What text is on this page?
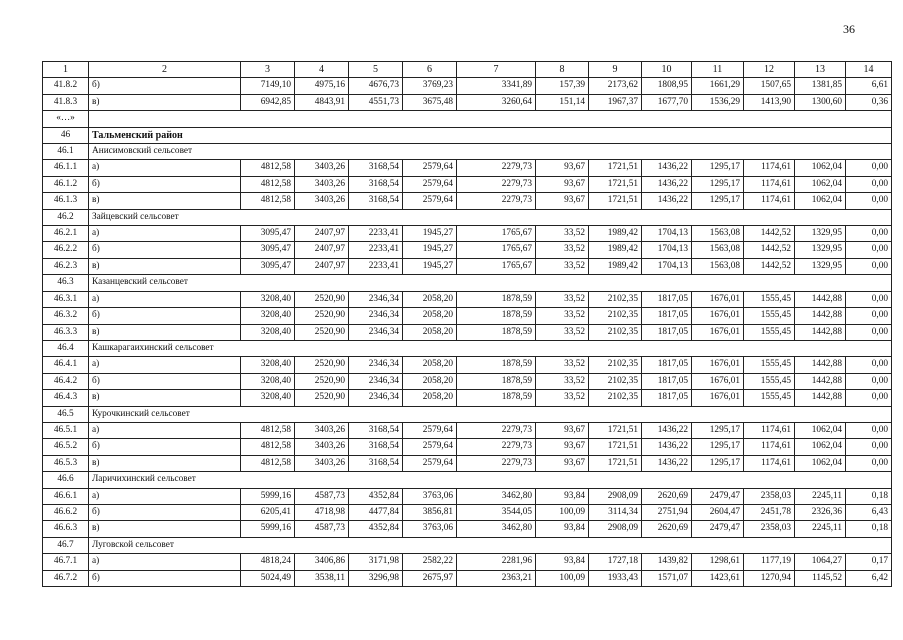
36
1	2	3	4	5	6	7	8	9	10	11	12	13	14
41.8.2	б)	7149,10	4975,16	4676,73	3769,23	3341,89	157,39	2173,62	1808,95	1661,29	1507,65	1381,85	6,61
41.8.3	в)	6942,85	4843,91	4551,73	3675,48	3260,64	151,14	1967,37	1677,70	1536,29	1413,90	1300,60	0,36
«…»													
46	Тальменский район												
46.1	Анисимовский сельсовет												
46.1.1	а)	4812,58	3403,26	3168,54	2579,64	2279,73	93,67	1721,51	1436,22	1295,17	1174,61	1062,04	0,00
46.1.2	б)	4812,58	3403,26	3168,54	2579,64	2279,73	93,67	1721,51	1436,22	1295,17	1174,61	1062,04	0,00
46.1.3	в)	4812,58	3403,26	3168,54	2579,64	2279,73	93,67	1721,51	1436,22	1295,17	1174,61	1062,04	0,00
46.2	Зайцевский сельсовет												
46.2.1	а)	3095,47	2407,97	2233,41	1945,27	1765,67	33,52	1989,42	1704,13	1563,08	1442,52	1329,95	0,00
46.2.2	б)	3095,47	2407,97	2233,41	1945,27	1765,67	33,52	1989,42	1704,13	1563,08	1442,52	1329,95	0,00
46.2.3	в)	3095,47	2407,97	2233,41	1945,27	1765,67	33,52	1989,42	1704,13	1563,08	1442,52	1329,95	0,00
46.3	Казанцевский сельсовет												
46.3.1	а)	3208,40	2520,90	2346,34	2058,20	1878,59	33,52	2102,35	1817,05	1676,01	1555,45	1442,88	0,00
46.3.2	б)	3208,40	2520,90	2346,34	2058,20	1878,59	33,52	2102,35	1817,05	1676,01	1555,45	1442,88	0,00
46.3.3	в)	3208,40	2520,90	2346,34	2058,20	1878,59	33,52	2102,35	1817,05	1676,01	1555,45	1442,88	0,00
46.4	Кашкарагаихинский сельсовет												
46.4.1	а)	3208,40	2520,90	2346,34	2058,20	1878,59	33,52	2102,35	1817,05	1676,01	1555,45	1442,88	0,00
46.4.2	б)	3208,40	2520,90	2346,34	2058,20	1878,59	33,52	2102,35	1817,05	1676,01	1555,45	1442,88	0,00
46.4.3	в)	3208,40	2520,90	2346,34	2058,20	1878,59	33,52	2102,35	1817,05	1676,01	1555,45	1442,88	0,00
46.5	Курочкинский сельсовет												
46.5.1	а)	4812,58	3403,26	3168,54	2579,64	2279,73	93,67	1721,51	1436,22	1295,17	1174,61	1062,04	0,00
46.5.2	б)	4812,58	3403,26	3168,54	2579,64	2279,73	93,67	1721,51	1436,22	1295,17	1174,61	1062,04	0,00
46.5.3	в)	4812,58	3403,26	3168,54	2579,64	2279,73	93,67	1721,51	1436,22	1295,17	1174,61	1062,04	0,00
46.6	Ларичихинский сельсовет												
46.6.1	а)	5999,16	4587,73	4352,84	3763,06	3462,80	93,84	2908,09	2620,69	2479,47	2358,03	2245,11	0,18
46.6.2	б)	6205,41	4718,98	4477,84	3856,81	3544,05	100,09	3114,34	2751,94	2604,47	2451,78	2326,36	6,43
46.6.3	в)	5999,16	4587,73	4352,84	3763,06	3462,80	93,84	2908,09	2620,69	2479,47	2358,03	2245,11	0,18
46.7	Луговской сельсовет												
46.7.1	а)	4818,24	3406,86	3171,98	2582,22	2281,96	93,84	1727,18	1439,82	1298,61	1177,19	1064,27	0,17
46.7.2	б)	5024,49	3538,11	3296,98	2675,97	2363,21	100,09	1933,43	1571,07	1423,61	1270,94	1145,52	6,42
